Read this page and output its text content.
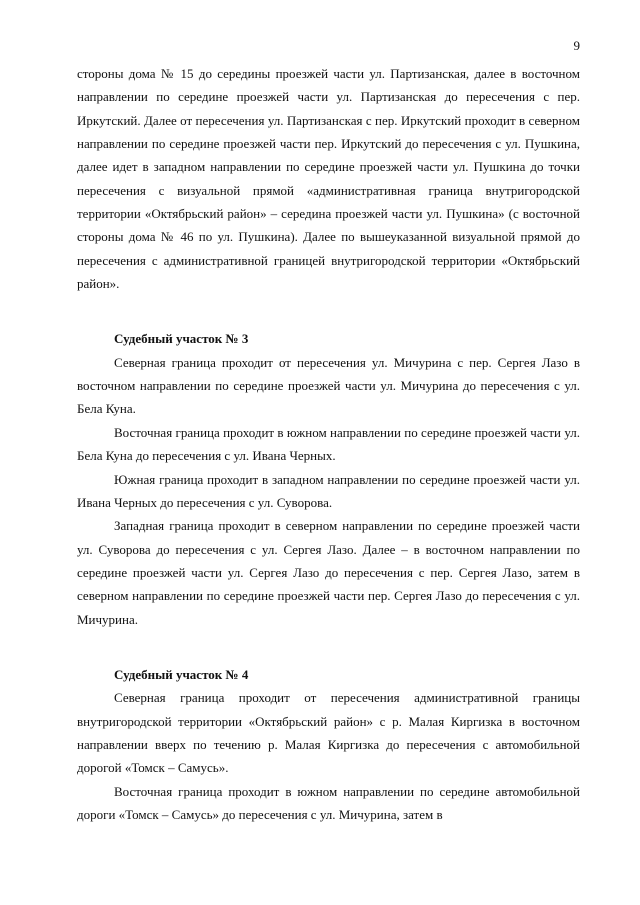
9

стороны дома № 15 до середины проезжей части ул. Партизанская, далее в восточном направлении по середине проезжей части ул. Партизанская до пересечения с пер. Иркутский. Далее от пересечения ул. Партизанская с пер. Иркутский проходит в северном направлении по середине проезжей части пер. Иркутский до пересечения с ул. Пушкина, далее идет в западном направлении по середине проезжей части ул. Пушкина до точки пересечения с визуальной прямой «административная граница внутригородской территории «Октябрьский район» – середина проезжей части ул. Пушкина» (с восточной стороны дома № 46 по ул. Пушкина). Далее по вышеуказанной визуальной прямой до пересечения с административной границей внутригородской территории «Октябрьский район».

Судебный участок № 3

Северная граница проходит от пересечения ул. Мичурина с пер. Сергея Лазо в восточном направлении по середине проезжей части ул. Мичурина до пересечения с ул. Бела Куна.

Восточная граница проходит в южном направлении по середине проезжей части ул. Бела Куна до пересечения с ул. Ивана Черных.

Южная граница проходит в западном направлении по середине проезжей части ул. Ивана Черных до пересечения с ул. Суворова.

Западная граница проходит в северном направлении по середине проезжей части ул. Суворова до пересечения с ул. Сергея Лазо. Далее – в восточном направлении по середине проезжей части ул. Сергея Лазо до пересечения с пер. Сергея Лазо, затем в северном направлении по середине проезжей части пер. Сергея Лазо до пересечения с ул. Мичурина.

Судебный участок № 4

Северная граница проходит от пересечения административной границы внутригородской территории «Октябрьский район» с р. Малая Киргизка в восточном направлении вверх по течению р. Малая Киргизка до пересечения с автомобильной дорогой «Томск – Самусь».

Восточная граница проходит в южном направлении по середине автомобильной дороги «Томск – Самусь» до пересечения с ул. Мичурина, затем в
